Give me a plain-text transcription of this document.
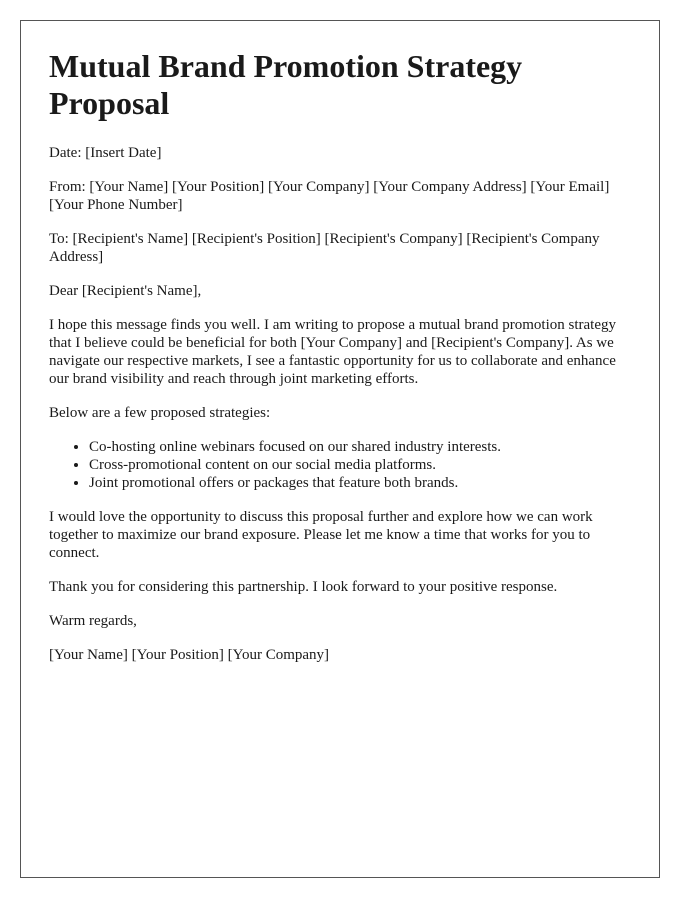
Mutual Brand Promotion Strategy Proposal

Date: [Insert Date]

From: [Your Name] [Your Position] [Your Company] [Your Company Address] [Your Email] [Your Phone Number]

To: [Recipient's Name] [Recipient's Position] [Recipient's Company] [Recipient's Company Address]

Dear [Recipient's Name],

I hope this message finds you well. I am writing to propose a mutual brand promotion strategy that I believe could be beneficial for both [Your Company] and [Recipient's Company]. As we navigate our respective markets, I see a fantastic opportunity for us to collaborate and enhance our brand visibility and reach through joint marketing efforts.

Below are a few proposed strategies:

• Co-hosting online webinars focused on our shared industry interests.
• Cross-promotional content on our social media platforms.
• Joint promotional offers or packages that feature both brands.

I would love the opportunity to discuss this proposal further and explore how we can work together to maximize our brand exposure. Please let me know a time that works for you to connect.

Thank you for considering this partnership. I look forward to your positive response.

Warm regards,

[Your Name] [Your Position] [Your Company]
